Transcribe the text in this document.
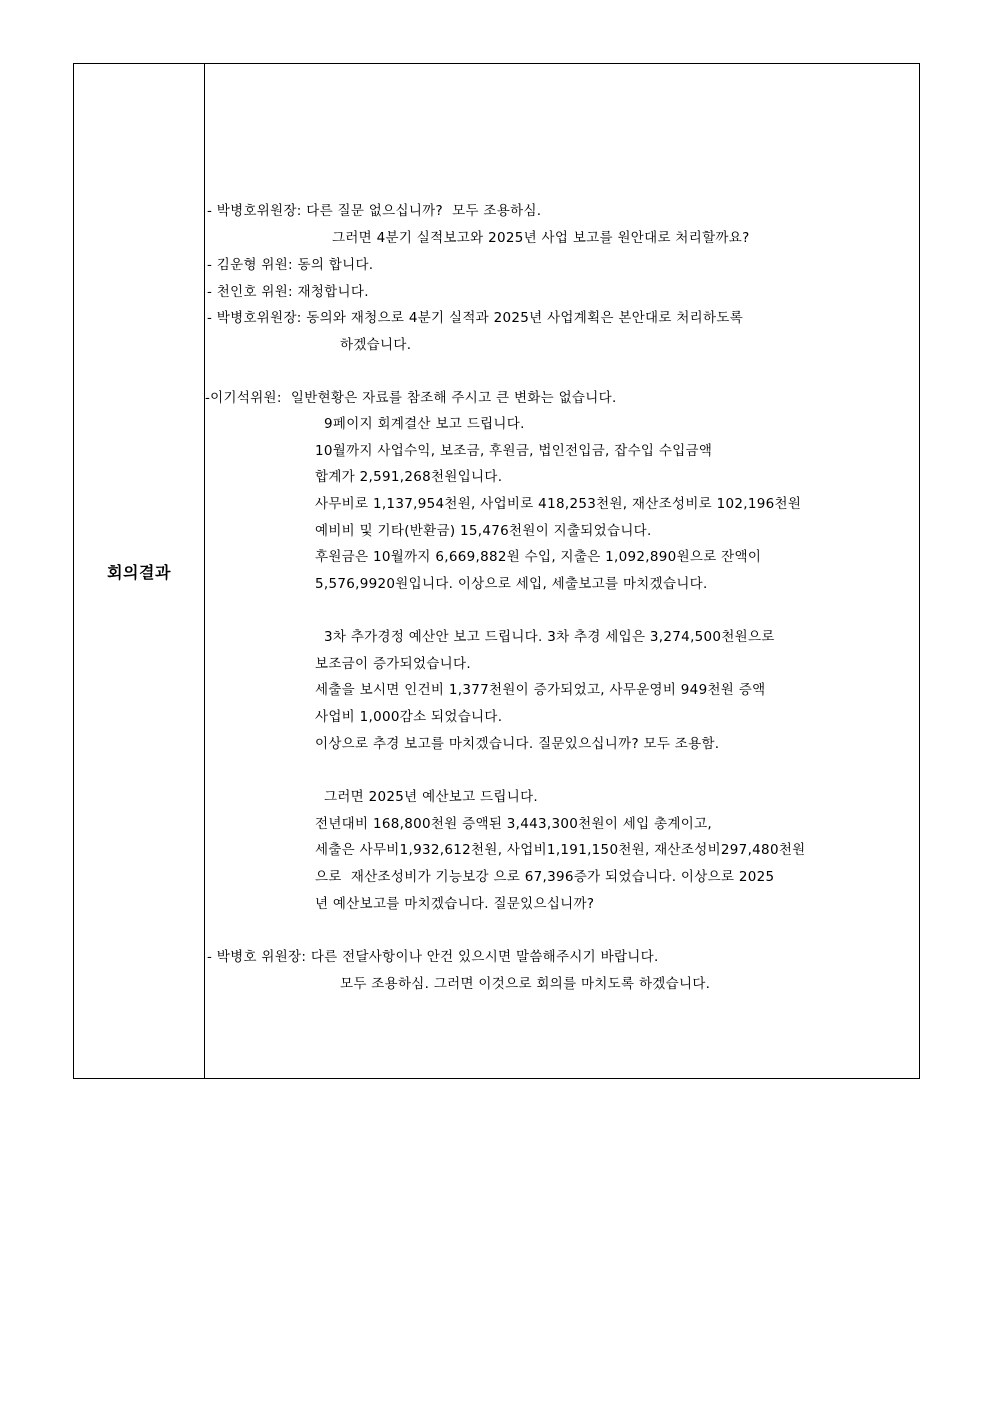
회의결과
- 박병호위원장: 다른 질문 없으십니까?  모두 조용하심.
그러면 4분기 실적보고와 2025년 사업 보고를 원안대로 처리할까요?
- 김운형 위원: 동의 합니다.
- 천인호 위원: 재청합니다.
- 박병호위원장: 동의와 재청으로 4분기 실적과 2025년 사업계획은 본안대로 처리하도록
하겠습니다.
-이기석위원:  일반현황은 자료를 참조해 주시고 큰 변화는 없습니다.
9페이지 회계결산 보고 드립니다.
10월까지 사업수익, 보조금, 후원금, 법인전입금, 잡수입 수입금액
합계가 2,591,268천원입니다.
사무비로 1,137,954천원, 사업비로 418,253천원, 재산조성비로 102,196천원
예비비 및 기타(반환금) 15,476천원이 지출되었습니다.
후원금은 10월까지 6,669,882원 수입, 지출은 1,092,890원으로 잔액이
5,576,9920원입니다. 이상으로 세입, 세출보고를 마치겠습니다.
3차 추가경정 예산안 보고 드립니다. 3차 추경 세입은 3,274,500천원으로
보조금이 증가되었습니다.
세출을 보시면 인건비 1,377천원이 증가되었고, 사무운영비 949천원 증액
사업비 1,000감소 되었습니다.
이상으로 추경 보고를 마치겠습니다. 질문있으십니까? 모두 조용함.
그러면 2025년 예산보고 드립니다.
전년대비 168,800천원 증액된 3,443,300천원이 세입 총계이고,
세출은 사무비1,932,612천원, 사업비1,191,150천원, 재산조성비297,480천원
으로  재산조성비가 기능보강 으로 67,396증가 되었습니다. 이상으로 2025
년 예산보고를 마치겠습니다. 질문있으십니까?
- 박병호 위원장: 다른 전달사항이나 안건 있으시면 말씀해주시기 바랍니다.
모두 조용하심. 그러면 이것으로 회의를 마치도록 하겠습니다.
